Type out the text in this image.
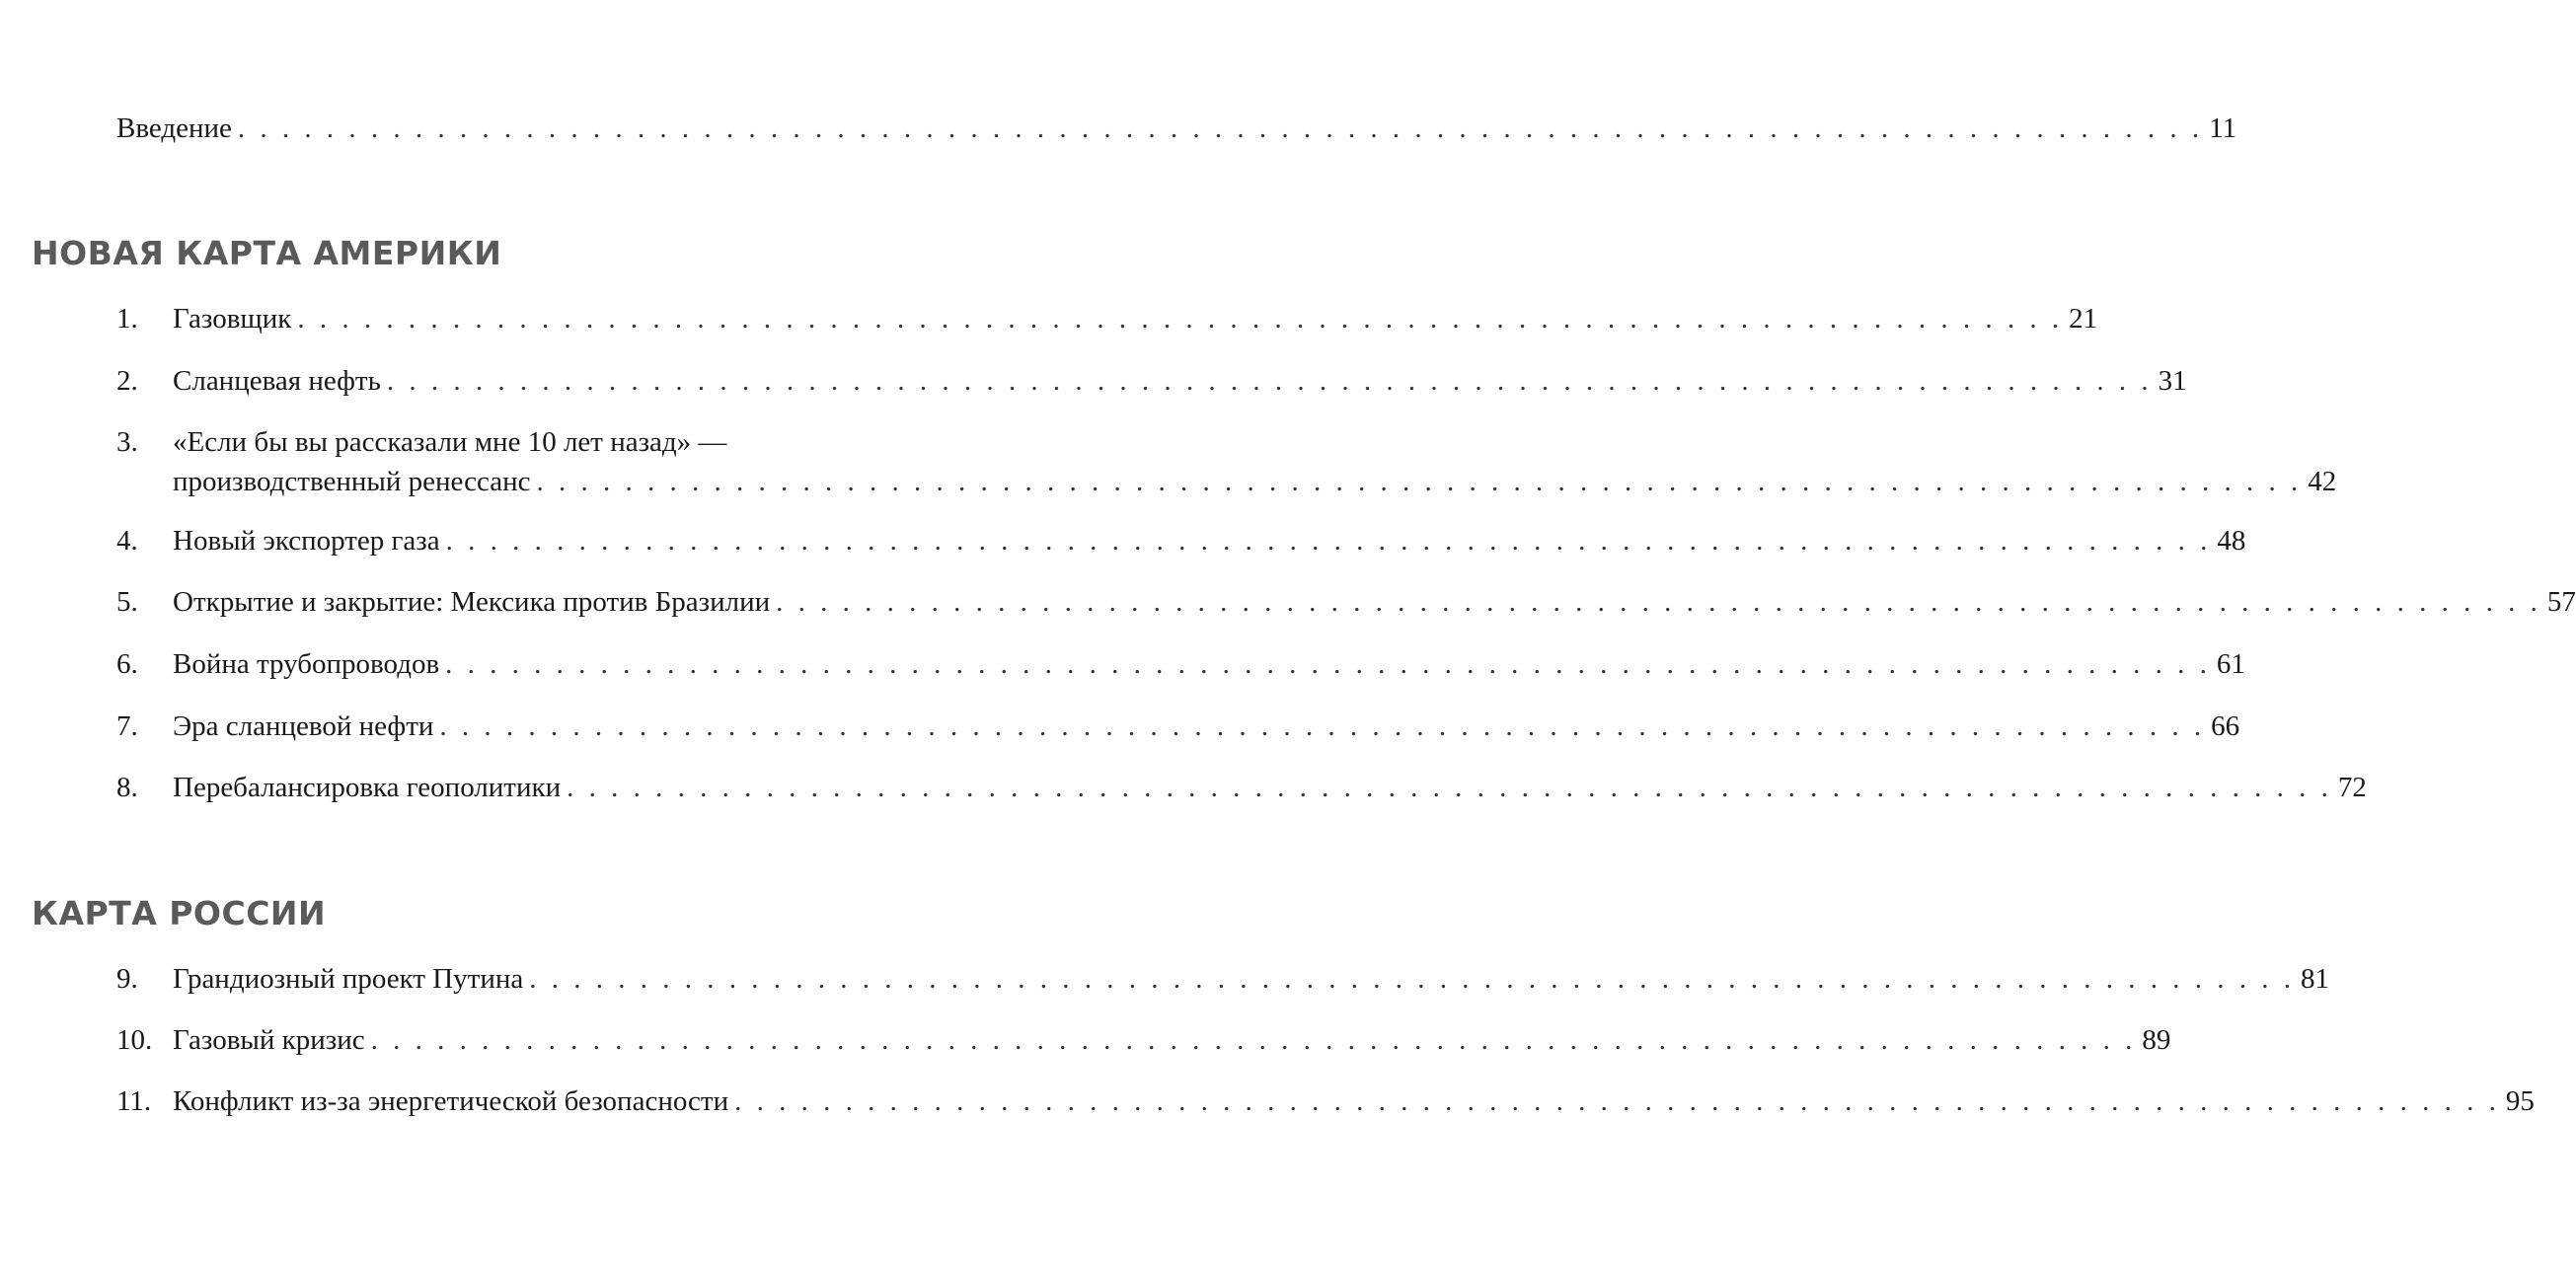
Введение . . . . . . . . . . . . . . . . . . . . . . . . . . . . . . . . . . . . . . . . . . . . . . . . . . . . . . . . . . . . . . . . . . . . . . . . . . . . . . . . . . . . . . . . . 11
НОВАЯ КАРТА АМЕРИКИ
1.	Газовщик . . . . . . . . . . . . . . . . . . . . . . . . . . . . . . . . . . . . . . . . . . . . . . . . . . . . . . . . . . . . . . . . . . . . . . . . . . . . . . . . 21
2.	Сланцевая нефть . . . . . . . . . . . . . . . . . . . . . . . . . . . . . . . . . . . . . . . . . . . . . . . . . . . . . . . . . . . . . . . . . . . . . . . . . . . . . . . . 31
3.	«Если бы вы рассказали мне 10 лет назад» —
производственный ренессанс . . . . . . . . . . . . . . . . . . . . . . . . . . . . . . . . . . . . . . . . . . . . . . . . . . . . . . . . . . . . . . . . . . . . . . . . . . . . . . . . 42
4.	Новый экспортер газа . . . . . . . . . . . . . . . . . . . . . . . . . . . . . . . . . . . . . . . . . . . . . . . . . . . . . . . . . . . . . . . . . . . . . . . . . . . . . . . . 48
5.	Открытие и закрытие: Мексика против Бразилии . . . . . . . . . . . . . . . . . . . . . . . . . . . . . . . . . . . . . . . . . . . . . . . . . . . . . . . . . . . . . . . . . . . . . . . . . . . . . . . . 57
6.	Война трубопроводов . . . . . . . . . . . . . . . . . . . . . . . . . . . . . . . . . . . . . . . . . . . . . . . . . . . . . . . . . . . . . . . . . . . . . . . . . . . . . . . . 61
7.	Эра сланцевой нефти . . . . . . . . . . . . . . . . . . . . . . . . . . . . . . . . . . . . . . . . . . . . . . . . . . . . . . . . . . . . . . . . . . . . . . . . . . . . . . . . 66
8.	Перебалансировка геополитики . . . . . . . . . . . . . . . . . . . . . . . . . . . . . . . . . . . . . . . . . . . . . . . . . . . . . . . . . . . . . . . . . . . . . . . . . . . . . . . . 72
КАРТА РОССИИ
9.	Грандиозный проект Путина . . . . . . . . . . . . . . . . . . . . . . . . . . . . . . . . . . . . . . . . . . . . . . . . . . . . . . . . . . . . . . . . . . . . . . . . . . . . . . . . 81
10. Газовый кризис . . . . . . . . . . . . . . . . . . . . . . . . . . . . . . . . . . . . . . . . . . . . . . . . . . . . . . . . . . . . . . . . . . . . . . . . . . . . . . . . 89
11. Конфликт из-за энергетической безопасности . . . . . . . . . . . . . . . . . . . . . . . . . . . . . . . . . . . . . . . . . . . . . . . . . . . . . . . . . . . . . . . . . . . . . . . . . . . . . . . . 95
